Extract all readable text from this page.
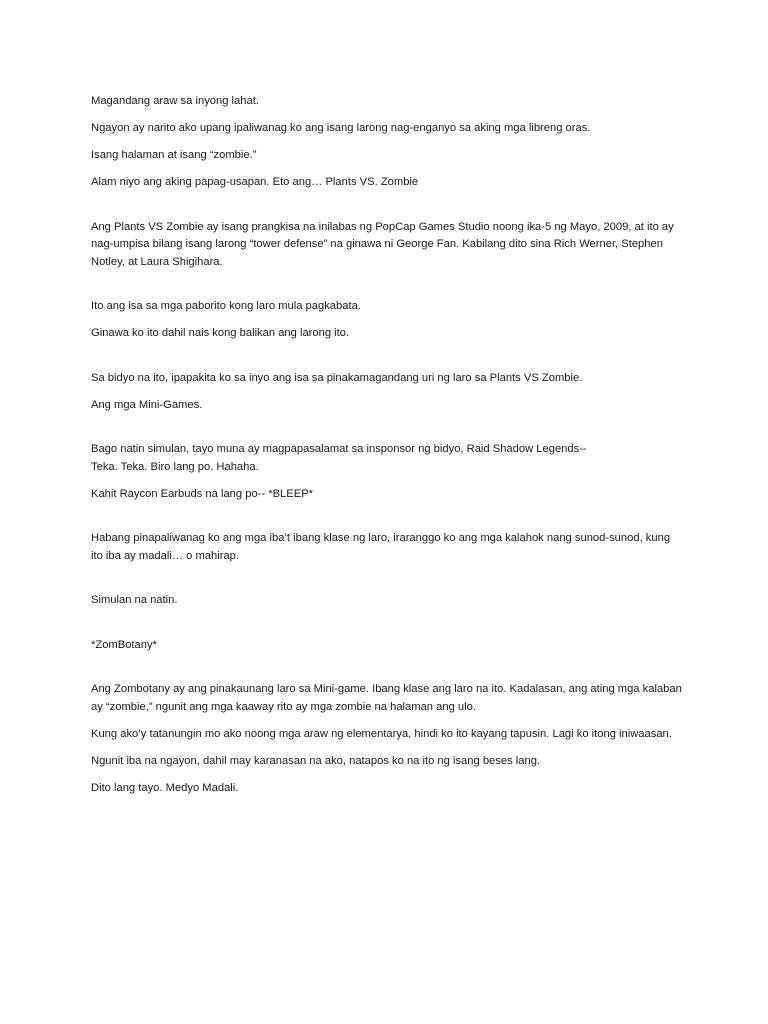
Magandang araw sa inyong lahat.

Ngayon ay narito ako upang ipaliwanag ko ang isang larong nag-enganyo sa aking mga libreng oras.

Isang halaman at isang “zombie.”

Alam niyo ang aking papag-usapan. Eto ang… Plants VS. Zombie

Ang Plants VS Zombie ay isang prangkisa na inilabas ng PopCap Games Studio noong ika-5 ng Mayo, 2009, at ito ay nag-umpisa bilang isang larong “tower defense” na ginawa ni George Fan. Kabilang dito sina Rich Werner, Stephen Notley, at Laura Shigihara.

Ito ang isa sa mga paborito kong laro mula pagkabata.

Ginawa ko ito dahil nais kong balikan ang larong ito.

Sa bidyo na ito, ipapakita ko sa inyo ang isa sa pinakamagandang uri ng laro sa Plants VS Zombie.

Ang mga Mini-Games.

Bago natin simulan, tayo muna ay magpapasalamat sa insponsor ng bidyo, Raid Shadow Legends--

Teka. Teka. Biro lang po. Hahaha.

Kahit Raycon Earbuds na lang po-- *BLEEP*

Habang pinapaliwanag ko ang mga iba’t ibang klase ng laro, iraranggo ko ang mga kalahok nang sunod-sunod, kung ito iba ay madali… o mahirap.

Simulan na natin.

*ZomBotany*

Ang Zombotany ay ang pinakaunang laro sa Mini-game. Ibang klase ang laro na ito. Kadalasan, ang ating mga kalaban ay “zombie,” ngunit ang mga kaaway rito ay mga zombie na halaman ang ulo.

Kung ako’y tatanungin mo ako noong mga araw ng elementarya, hindi ko ito kayang tapusin. Lagi ko itong iniwaasan.

Ngunit iba na ngayon, dahil may karanasan na ako, natapos ko na ito ng isang beses lang.

Dito lang tayo. Medyo Madali.
